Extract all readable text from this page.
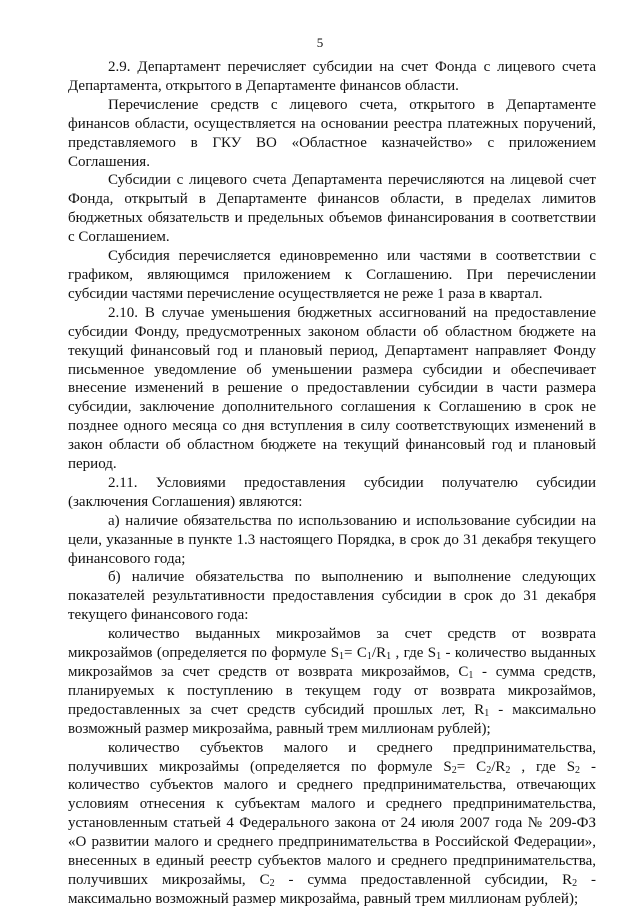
5

2.9. Департамент перечисляет субсидии на счет Фонда с лицевого счета Департамента, открытого в Департаменте финансов области.

Перечисление средств с лицевого счета, открытого в Департаменте финансов области, осуществляется на основании реестра платежных поручений, представляемого в ГКУ ВО «Областное казначейство» с приложением Соглашения.

Субсидии с лицевого счета Департамента перечисляются на лицевой счет Фонда, открытый в Департаменте финансов области, в пределах лимитов бюджетных обязательств и предельных объемов финансирования в соответствии с Соглашением.

Субсидия перечисляется единовременно или частями в соответствии с графиком, являющимся приложением к Соглашению. При перечислении субсидии частями перечисление осуществляется не реже 1 раза в квартал.

2.10. В случае уменьшения бюджетных ассигнований на предоставление субсидии Фонду, предусмотренных законом области об областном бюджете на текущий финансовый год и плановый период, Департамент направляет Фонду письменное уведомление об уменьшении размера субсидии и обеспечивает внесение изменений в решение о предоставлении субсидии в части размера субсидии, заключение дополнительного соглашения к Соглашению в срок не позднее одного месяца со дня вступления в силу соответствующих изменений в закон области об областном бюджете на текущий финансовый год и плановый период.

2.11. Условиями предоставления субсидии получателю субсидии (заключения Соглашения) являются:

а) наличие обязательства по использованию и использование субсидии на цели, указанные в пункте 1.3 настоящего Порядка, в срок до 31 декабря текущего финансового года;

б) наличие обязательства по выполнению и выполнение следующих показателей результативности предоставления субсидии в срок до 31 декабря текущего финансового года:

количество выданных микрозаймов за счет средств от возврата микрозаймов (определяется по формуле $S_1= C_1/R_1$ , где $S_1$ - количество выданных микрозаймов за счет средств от возврата микрозаймов, $C_1$ - сумма средств, планируемых к поступлению в текущем году от возврата микрозаймов, предоставленных за счет средств субсидий прошлых лет, $R_1$ - максимально возможный размер микрозайма, равный трем миллионам рублей);

количество субъектов малого и среднего предпринимательства, получивших микрозаймы (определяется по формуле $S_2= C_2/R_2$ , где $S_2$ - количество субъектов малого и среднего предпринимательства, отвечающих условиям отнесения к субъектам малого и среднего предпринимательства, установленным статьей 4 Федерального закона от 24 июля 2007 года № 209-ФЗ «О развитии малого и среднего предпринимательства в Российской Федерации», внесенных в единый реестр субъектов малого и среднего предпринимательства, получивших микрозаймы, $C_2$ - сумма предоставленной субсидии, $R_2$ - максимально возможный размер микрозайма, равный трем миллионам рублей);
